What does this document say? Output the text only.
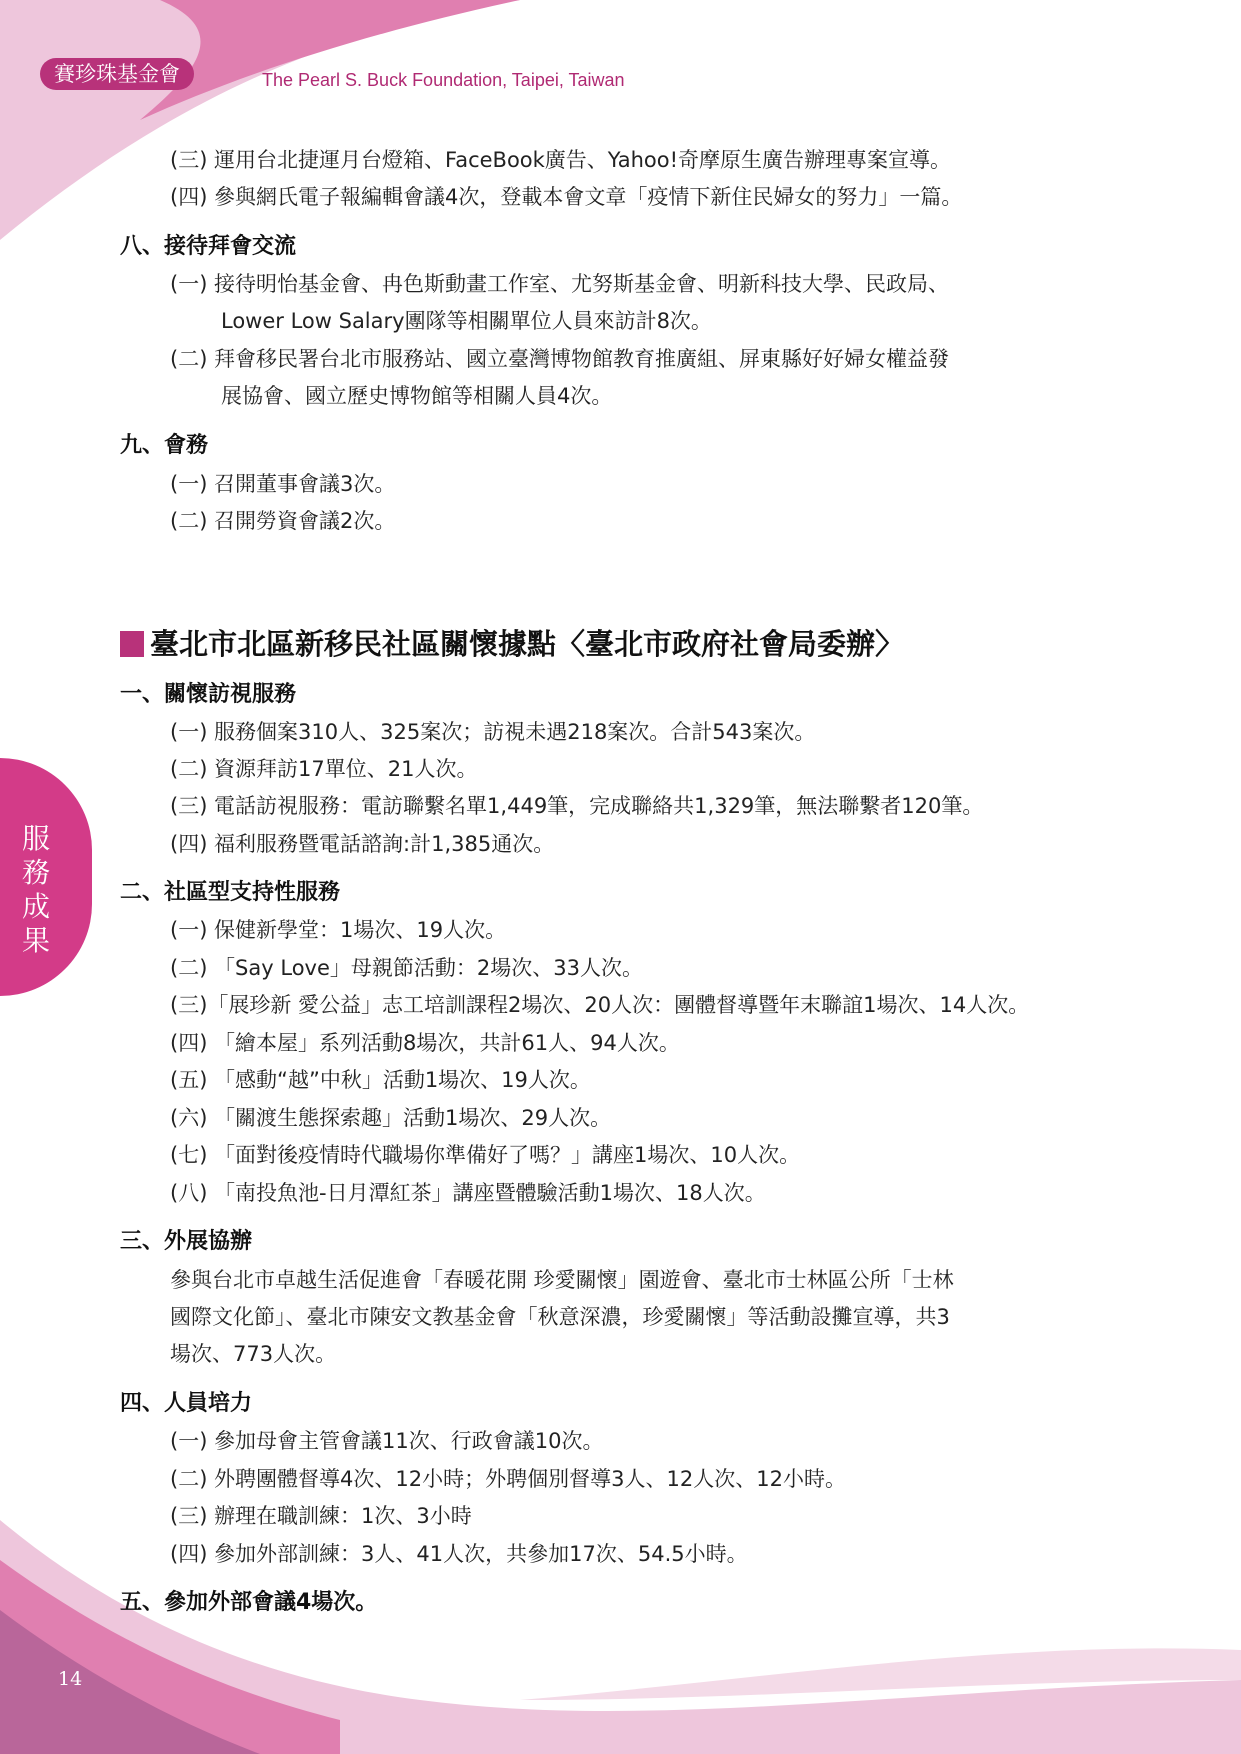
賽珍珠基金會	The Pearl S. Buck Foundation, Taipei, Taiwan
服
務
成
果
14
(三) 運用台北捷運月台燈箱、FaceBook廣告、Yahoo!奇摩原生廣告辦理專案宣導。
(四) 參與網氏電子報編輯會議4次，登載本會文章「疫情下新住民婦女的努力」一篇。
八、接待拜會交流
(一) 接待明怡基金會、冉色斯動畫工作室、尤努斯基金會、明新科技大學、民政局、
Lower Low Salary團隊等相關單位人員來訪計8次。
(二) 拜會移民署台北市服務站、國立臺灣博物館教育推廣組、屏東縣好好婦女權益發
展協會、國立歷史博物館等相關人員4次。
九、會務
(一) 召開董事會議3次。
(二) 召開勞資會議2次。
臺北市北區新移民社區關懷據點〈臺北市政府社會局委辦〉
一、關懷訪視服務
(一) 服務個案310人、325案次；訪視未遇218案次。合計543案次。
(二) 資源拜訪17單位、21人次。
(三) 電話訪視服務：電訪聯繫名單1,449筆，完成聯絡共1,329筆，無法聯繫者120筆。
(四) 福利服務暨電話諮詢:計1,385通次。
二、社區型支持性服務
(一) 保健新學堂：1場次、19人次。
(二) 「Say Love」母親節活動：2場次、33人次。
(三)「展珍新 愛公益」志工培訓課程2場次、20人次：團體督導暨年末聯誼1場次、14人次。
(四) 「繪本屋」系列活動8場次，共計61人、94人次。
(五) 「感動“越”中秋」活動1場次、19人次。
(六) 「關渡生態探索趣」活動1場次、29人次。
(七) 「面對後疫情時代職場你準備好了嗎？」講座1場次、10人次。
(八) 「南投魚池-日月潭紅茶」講座暨體驗活動1場次、18人次。
三、外展協辦
參與台北市卓越生活促進會「春暖花開 珍愛關懷」園遊會、臺北市士林區公所「士林
國際文化節」、臺北市陳安文教基金會「秋意深濃，珍愛關懷」等活動設攤宣導，共3
場次、773人次。
四、人員培力
(一) 參加母會主管會議11次、行政會議10次。
(二) 外聘團體督導4次、12小時；外聘個別督導3人、12人次、12小時。
(三) 辦理在職訓練：1次、3小時
(四) 參加外部訓練：3人、41人次，共參加17次、54.5小時。
五、參加外部會議4場次。
